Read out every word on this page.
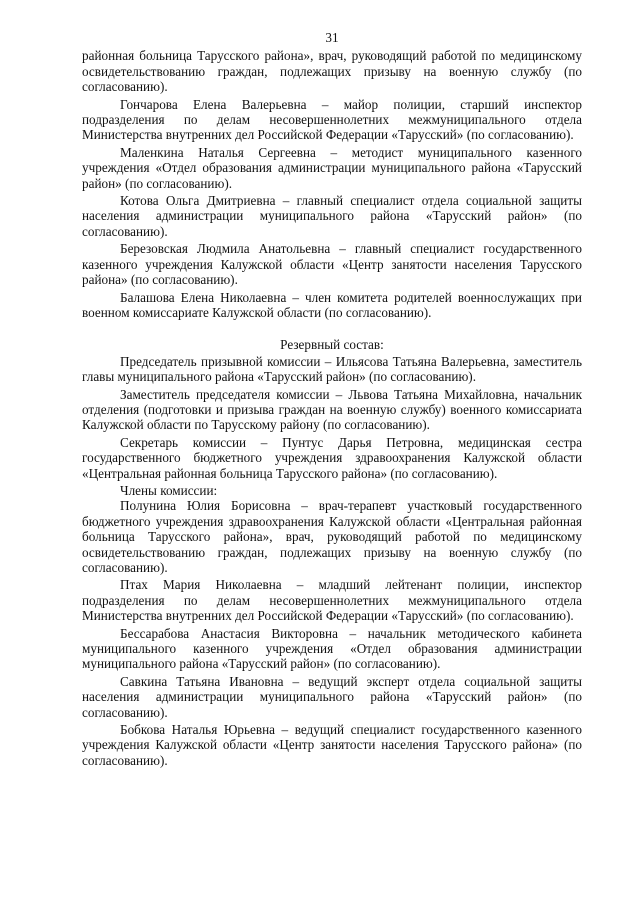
31

районная больница Тарусского района», врач, руководящий работой по медицинскому освидетельствованию граждан, подлежащих призыву на военную службу (по согласованию).

Гончарова Елена Валерьевна – майор полиции, старший инспектор подразделения по делам несовершеннолетних межмуниципального отдела Министерства внутренних дел Российской Федерации «Тарусский» (по согласованию).

Маленкина Наталья Сергеевна – методист муниципального казенного учреждения «Отдел образования администрации муниципального района «Тарусский район» (по согласованию).

Котова Ольга Дмитриевна – главный специалист отдела социальной защиты населения администрации муниципального района «Тарусский район» (по согласованию).

Березовская Людмила Анатольевна – главный специалист государственного казенного учреждения Калужской области «Центр занятости населения Тарусского района» (по согласованию).

Балашова Елена Николаевна – член комитета родителей военнослужащих при военном комиссариате Калужской области (по согласованию).

Резервный состав:

Председатель призывной комиссии – Ильясова Татьяна Валерьевна, заместитель главы муниципального района «Тарусский район» (по согласованию).

Заместитель председателя комиссии – Львова Татьяна Михайловна, начальник отделения (подготовки и призыва граждан на военную службу) военного комиссариата Калужской области по Тарусскому району (по согласованию).

Секретарь комиссии – Пунтус Дарья Петровна, медицинская сестра государственного бюджетного учреждения здравоохранения Калужской области «Центральная районная больница Тарусского района» (по согласованию).

Члены комиссии:

Полунина Юлия Борисовна – врач-терапевт участковый государственного бюджетного учреждения здравоохранения Калужской области «Центральная районная больница Тарусского района», врач, руководящий работой по медицинскому освидетельствованию граждан, подлежащих призыву на военную службу (по согласованию).

Птах Мария Николаевна – младший лейтенант полиции, инспектор подразделения по делам несовершеннолетних межмуниципального отдела Министерства внутренних дел Российской Федерации «Тарусский» (по согласованию).

Бессарабова Анастасия Викторовна – начальник методического кабинета муниципального казенного учреждения «Отдел образования администрации муниципального района «Тарусский район» (по согласованию).

Савкина Татьяна Ивановна – ведущий эксперт отдела социальной защиты населения администрации муниципального района «Тарусский район» (по согласованию).

Бобкова Наталья Юрьевна – ведущий специалист государственного казенного учреждения Калужской области «Центр занятости населения Тарусского района» (по согласованию).
